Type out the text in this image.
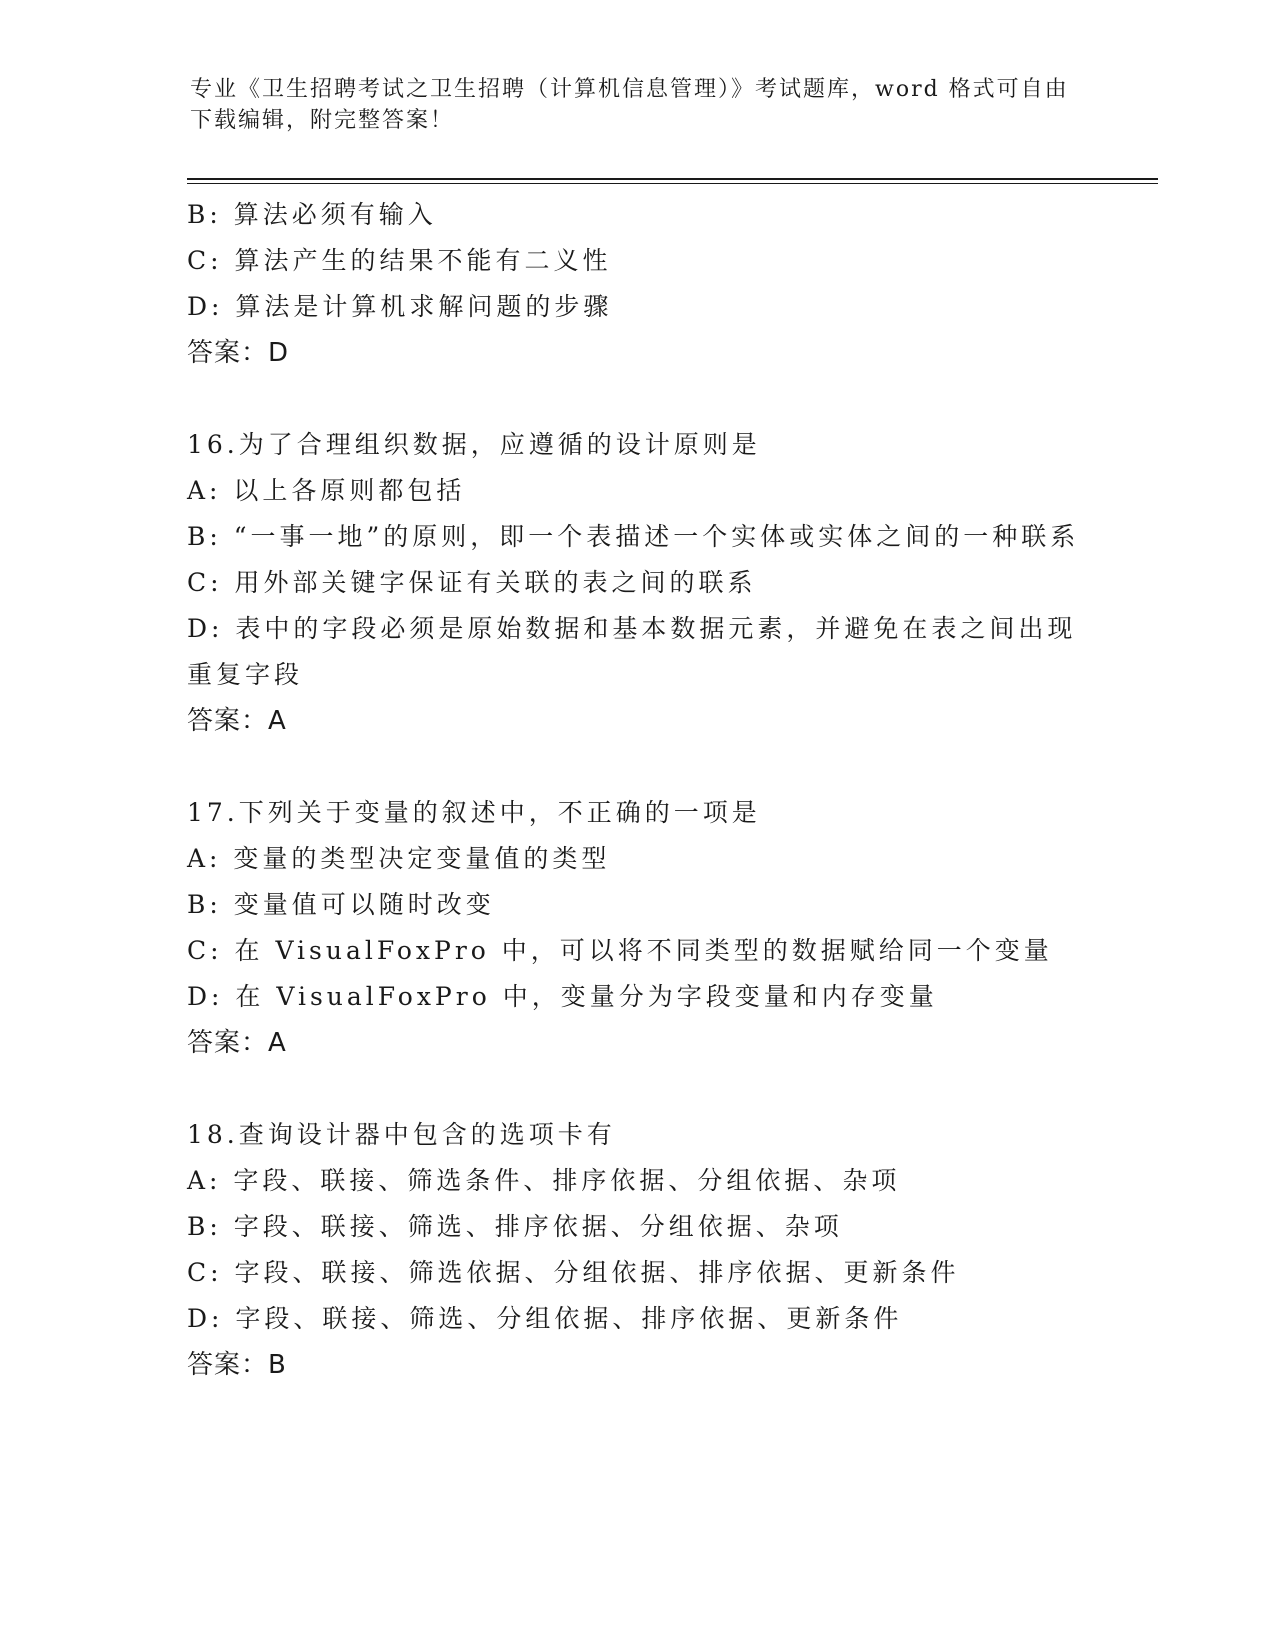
专业《卫生招聘考试之卫生招聘（计算机信息管理）》考试题库，word 格式可自由下载编辑，附完整答案！
B: 算法必须有输入
C: 算法产生的结果不能有二义性
D: 算法是计算机求解问题的步骤
答案：D
16.为了合理组织数据，应遵循的设计原则是
A: 以上各原则都包括
B: “一事一地”的原则，即一个表描述一个实体或实体之间的一种联系
C: 用外部关键字保证有关联的表之间的联系
D: 表中的字段必须是原始数据和基本数据元素，并避免在表之间出现重复字段
答案：A
17.下列关于变量的叙述中，不正确的一项是
A: 变量的类型决定变量值的类型
B: 变量值可以随时改变
C: 在 VisualFoxPro 中，可以将不同类型的数据赋给同一个变量
D: 在 VisualFoxPro 中，变量分为字段变量和内存变量
答案：A
18.查询设计器中包含的选项卡有
A: 字段、联接、筛选条件、排序依据、分组依据、杂项
B: 字段、联接、筛选、排序依据、分组依据、杂项
C: 字段、联接、筛选依据、分组依据、排序依据、更新条件
D: 字段、联接、筛选、分组依据、排序依据、更新条件
答案：B
